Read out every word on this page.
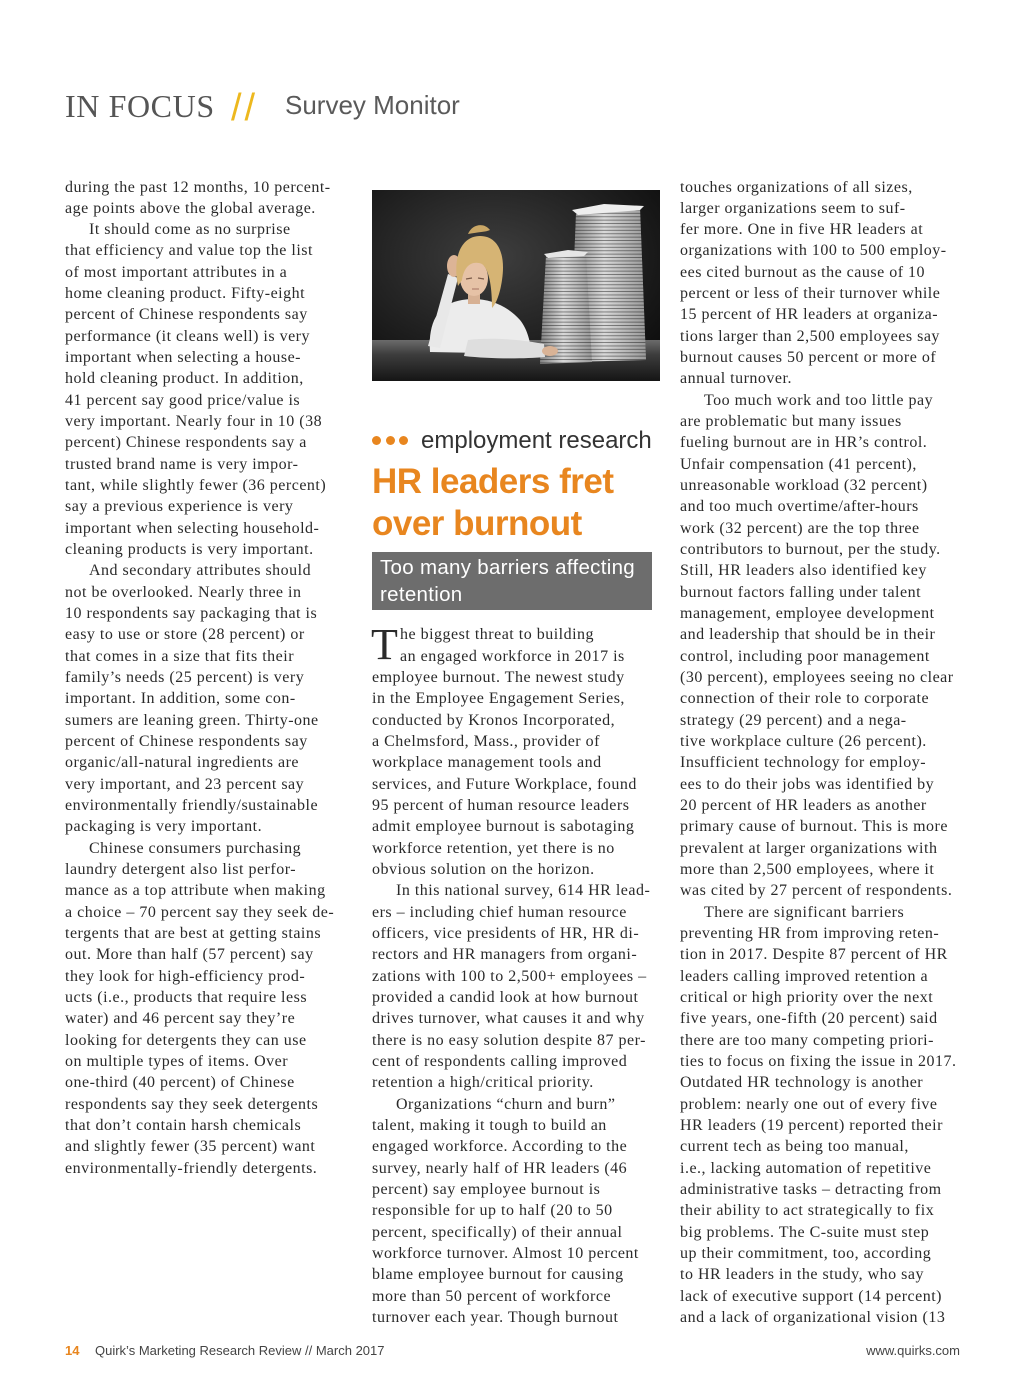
IN FOCUS // Survey Monitor
during the past 12 months, 10 percent-
age points above the global average.
It should come as no surprise
that efficiency and value top the list
of most important attributes in a
home cleaning product. Fifty-eight
percent of Chinese respondents say
performance (it cleans well) is very
important when selecting a house-
hold cleaning product. In addition,
41 percent say good price/value is
very important. Nearly four in 10 (38
percent) Chinese respondents say a
trusted brand name is very impor-
tant, while slightly fewer (36 percent)
say a previous experience is very
important when selecting household-
cleaning products is very important.
And secondary attributes should
not be overlooked. Nearly three in
10 respondents say packaging that is
easy to use or store (28 percent) or
that comes in a size that fits their
family’s needs (25 percent) is very
important. In addition, some con-
sumers are leaning green. Thirty-one
percent of Chinese respondents say
organic/all-natural ingredients are
very important, and 23 percent say
environmentally friendly/sustainable
packaging is very important.
Chinese consumers purchasing
laundry detergent also list perfor-
mance as a top attribute when making
a choice – 70 percent say they seek de-
tergents that are best at getting stains
out. More than half (57 percent) say
they look for high-efficiency prod-
ucts (i.e., products that require less
water) and 46 percent say they’re
looking for detergents they can use
on multiple types of items. Over
one-third (40 percent) of Chinese
respondents say they seek detergents
that don’t contain harsh chemicals
and slightly fewer (35 percent) want
environmentally-friendly detergents.
employment research
HR leaders fret
over burnout
Too many barriers affecting
retention
T he biggest threat to building
an engaged workforce in 2017 is
employee burnout. The newest study
in the Employee Engagement Series,
conducted by Kronos Incorporated,
a Chelmsford, Mass., provider of
workplace management tools and
services, and Future Workplace, found
95 percent of human resource leaders
admit employee burnout is sabotaging
workforce retention, yet there is no
obvious solution on the horizon.
In this national survey, 614 HR lead-
ers – including chief human resource
officers, vice presidents of HR, HR di-
rectors and HR managers from organi-
zations with 100 to 2,500+ employees –
provided a candid look at how burnout
drives turnover, what causes it and why
there is no easy solution despite 87 per-
cent of respondents calling improved
retention a high/critical priority.
Organizations “churn and burn”
talent, making it tough to build an
engaged workforce. According to the
survey, nearly half of HR leaders (46
percent) say employee burnout is
responsible for up to half (20 to 50
percent, specifically) of their annual
workforce turnover. Almost 10 percent
blame employee burnout for causing
more than 50 percent of workforce
turnover each year. Though burnout
touches organizations of all sizes,
larger organizations seem to suf-
fer more. One in five HR leaders at
organizations with 100 to 500 employ-
ees cited burnout as the cause of 10
percent or less of their turnover while
15 percent of HR leaders at organiza-
tions larger than 2,500 employees say
burnout causes 50 percent or more of
annual turnover.
Too much work and too little pay
are problematic but many issues
fueling burnout are in HR’s control.
Unfair compensation (41 percent),
unreasonable workload (32 percent)
and too much overtime/after-hours
work (32 percent) are the top three
contributors to burnout, per the study.
Still, HR leaders also identified key
burnout factors falling under talent
management, employee development
and leadership that should be in their
control, including poor management
(30 percent), employees seeing no clear
connection of their role to corporate
strategy (29 percent) and a nega-
tive workplace culture (26 percent).
Insufficient technology for employ-
ees to do their jobs was identified by
20 percent of HR leaders as another
primary cause of burnout. This is more
prevalent at larger organizations with
more than 2,500 employees, where it
was cited by 27 percent of respondents.
There are significant barriers
preventing HR from improving reten-
tion in 2017. Despite 87 percent of HR
leaders calling improved retention a
critical or high priority over the next
five years, one-fifth (20 percent) said
there are too many competing priori-
ties to focus on fixing the issue in 2017.
Outdated HR technology is another
problem: nearly one out of every five
HR leaders (19 percent) reported their
current tech as being too manual,
i.e., lacking automation of repetitive
administrative tasks – detracting from
their ability to act strategically to fix
big problems. The C-suite must step
up their commitment, too, according
to HR leaders in the study, who say
lack of executive support (14 percent)
and a lack of organizational vision (13
14 Quirk’s Marketing Research Review // March 2017	www.quirks.com
